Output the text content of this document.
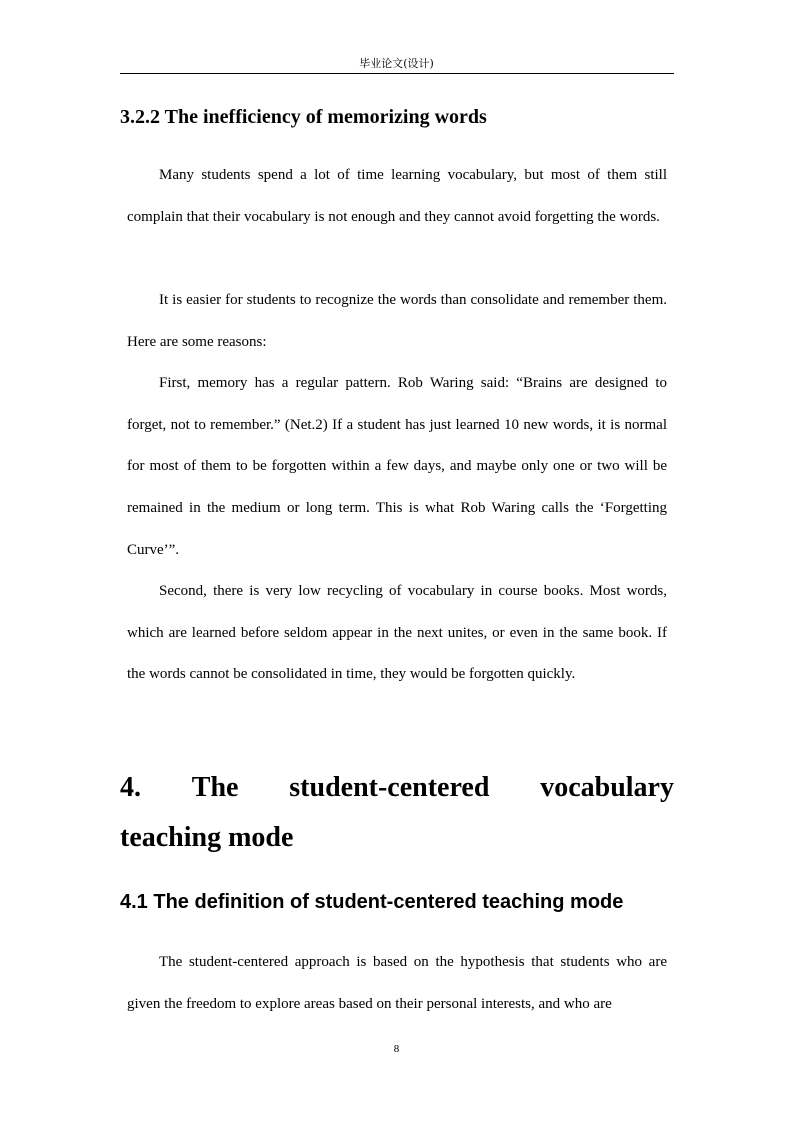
毕业论文(设计)
3.2.2 The inefficiency of memorizing words

Many students spend a lot of time learning vocabulary, but most of them still complain that their vocabulary is not enough and they cannot avoid forgetting the words.

It is easier for students to recognize the words than consolidate and remember them. Here are some reasons:

First, memory has a regular pattern. Rob Waring said: “Brains are designed to forget, not to remember.” (Net.2) If a student has just learned 10 new words, it is normal for most of them to be forgotten within a few days, and maybe only one or two will be remained in the medium or long term. This is what Rob Waring calls the ‘Forgetting Curve’”.

Second, there is very low recycling of vocabulary in course books. Most words, which are learned before seldom appear in the next unites, or even in the same book. If the words cannot be consolidated in time, they would be forgotten quickly.

4. The student-centered vocabulary
teaching mode
4.1 The definition of student-centered teaching mode

The student-centered approach is based on the hypothesis that students who are given the freedom to explore areas based on their personal interests, and who are

8
